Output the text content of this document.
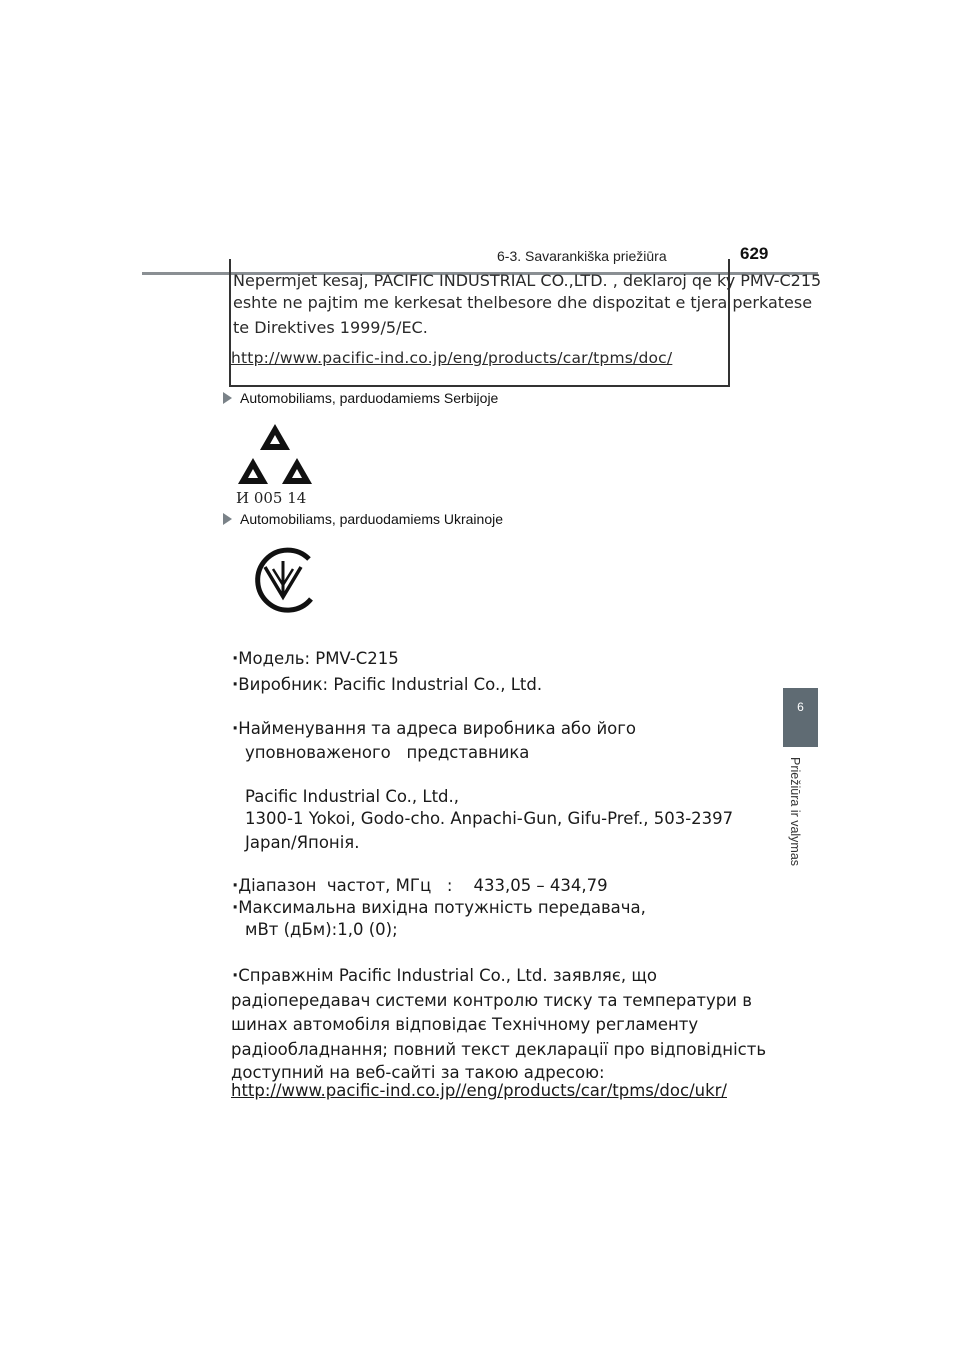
6-3. Savarankiška priežiūra	629
6
Priežiūra ir valymas
Nepermjet kesaj, PACIFIC INDUSTRIAL CO.,LTD. , deklaroj qe ky PMV-C215
eshte ne pajtim me kerkesat thelbesore dhe dispozitat e tjera perkatese
te Direktives 1999/5/EC.
http://www.pacific-ind.co.jp/eng/products/car/tpms/doc/
Automobiliams, parduodamiems Serbijoje
И 005 14
Automobiliams, parduodamiems Ukrainoje
·Модель: PMV-C215
·Виробник: Pacific Industrial Co., Ltd.
·Найменування та адреса виробника або його
уповноваженого   представника
Pacific Industrial Co., Ltd.,
1300-1 Yokoi, Godo-cho. Anpachi-Gun, Gifu-Pref., 503-2397
Japan/Японія.
·Діапазон  частот, МГц   :    433,05 – 434,79
·Максимальна вихідна потужність передавача,
мВт (дБм):1,0 (0);
·Справжнім Pacific Industrial Co., Ltd. заявляє, що
радіопередавач системи контролю тиску та температури в
шинах автомобіля відповідає Технічному регламенту
радіообладнання; повний текст декларації про відповідність
доступний на веб-сайті за такою адресою:
http://www.pacific-ind.co.jp//eng/products/car/tpms/doc/ukr/
